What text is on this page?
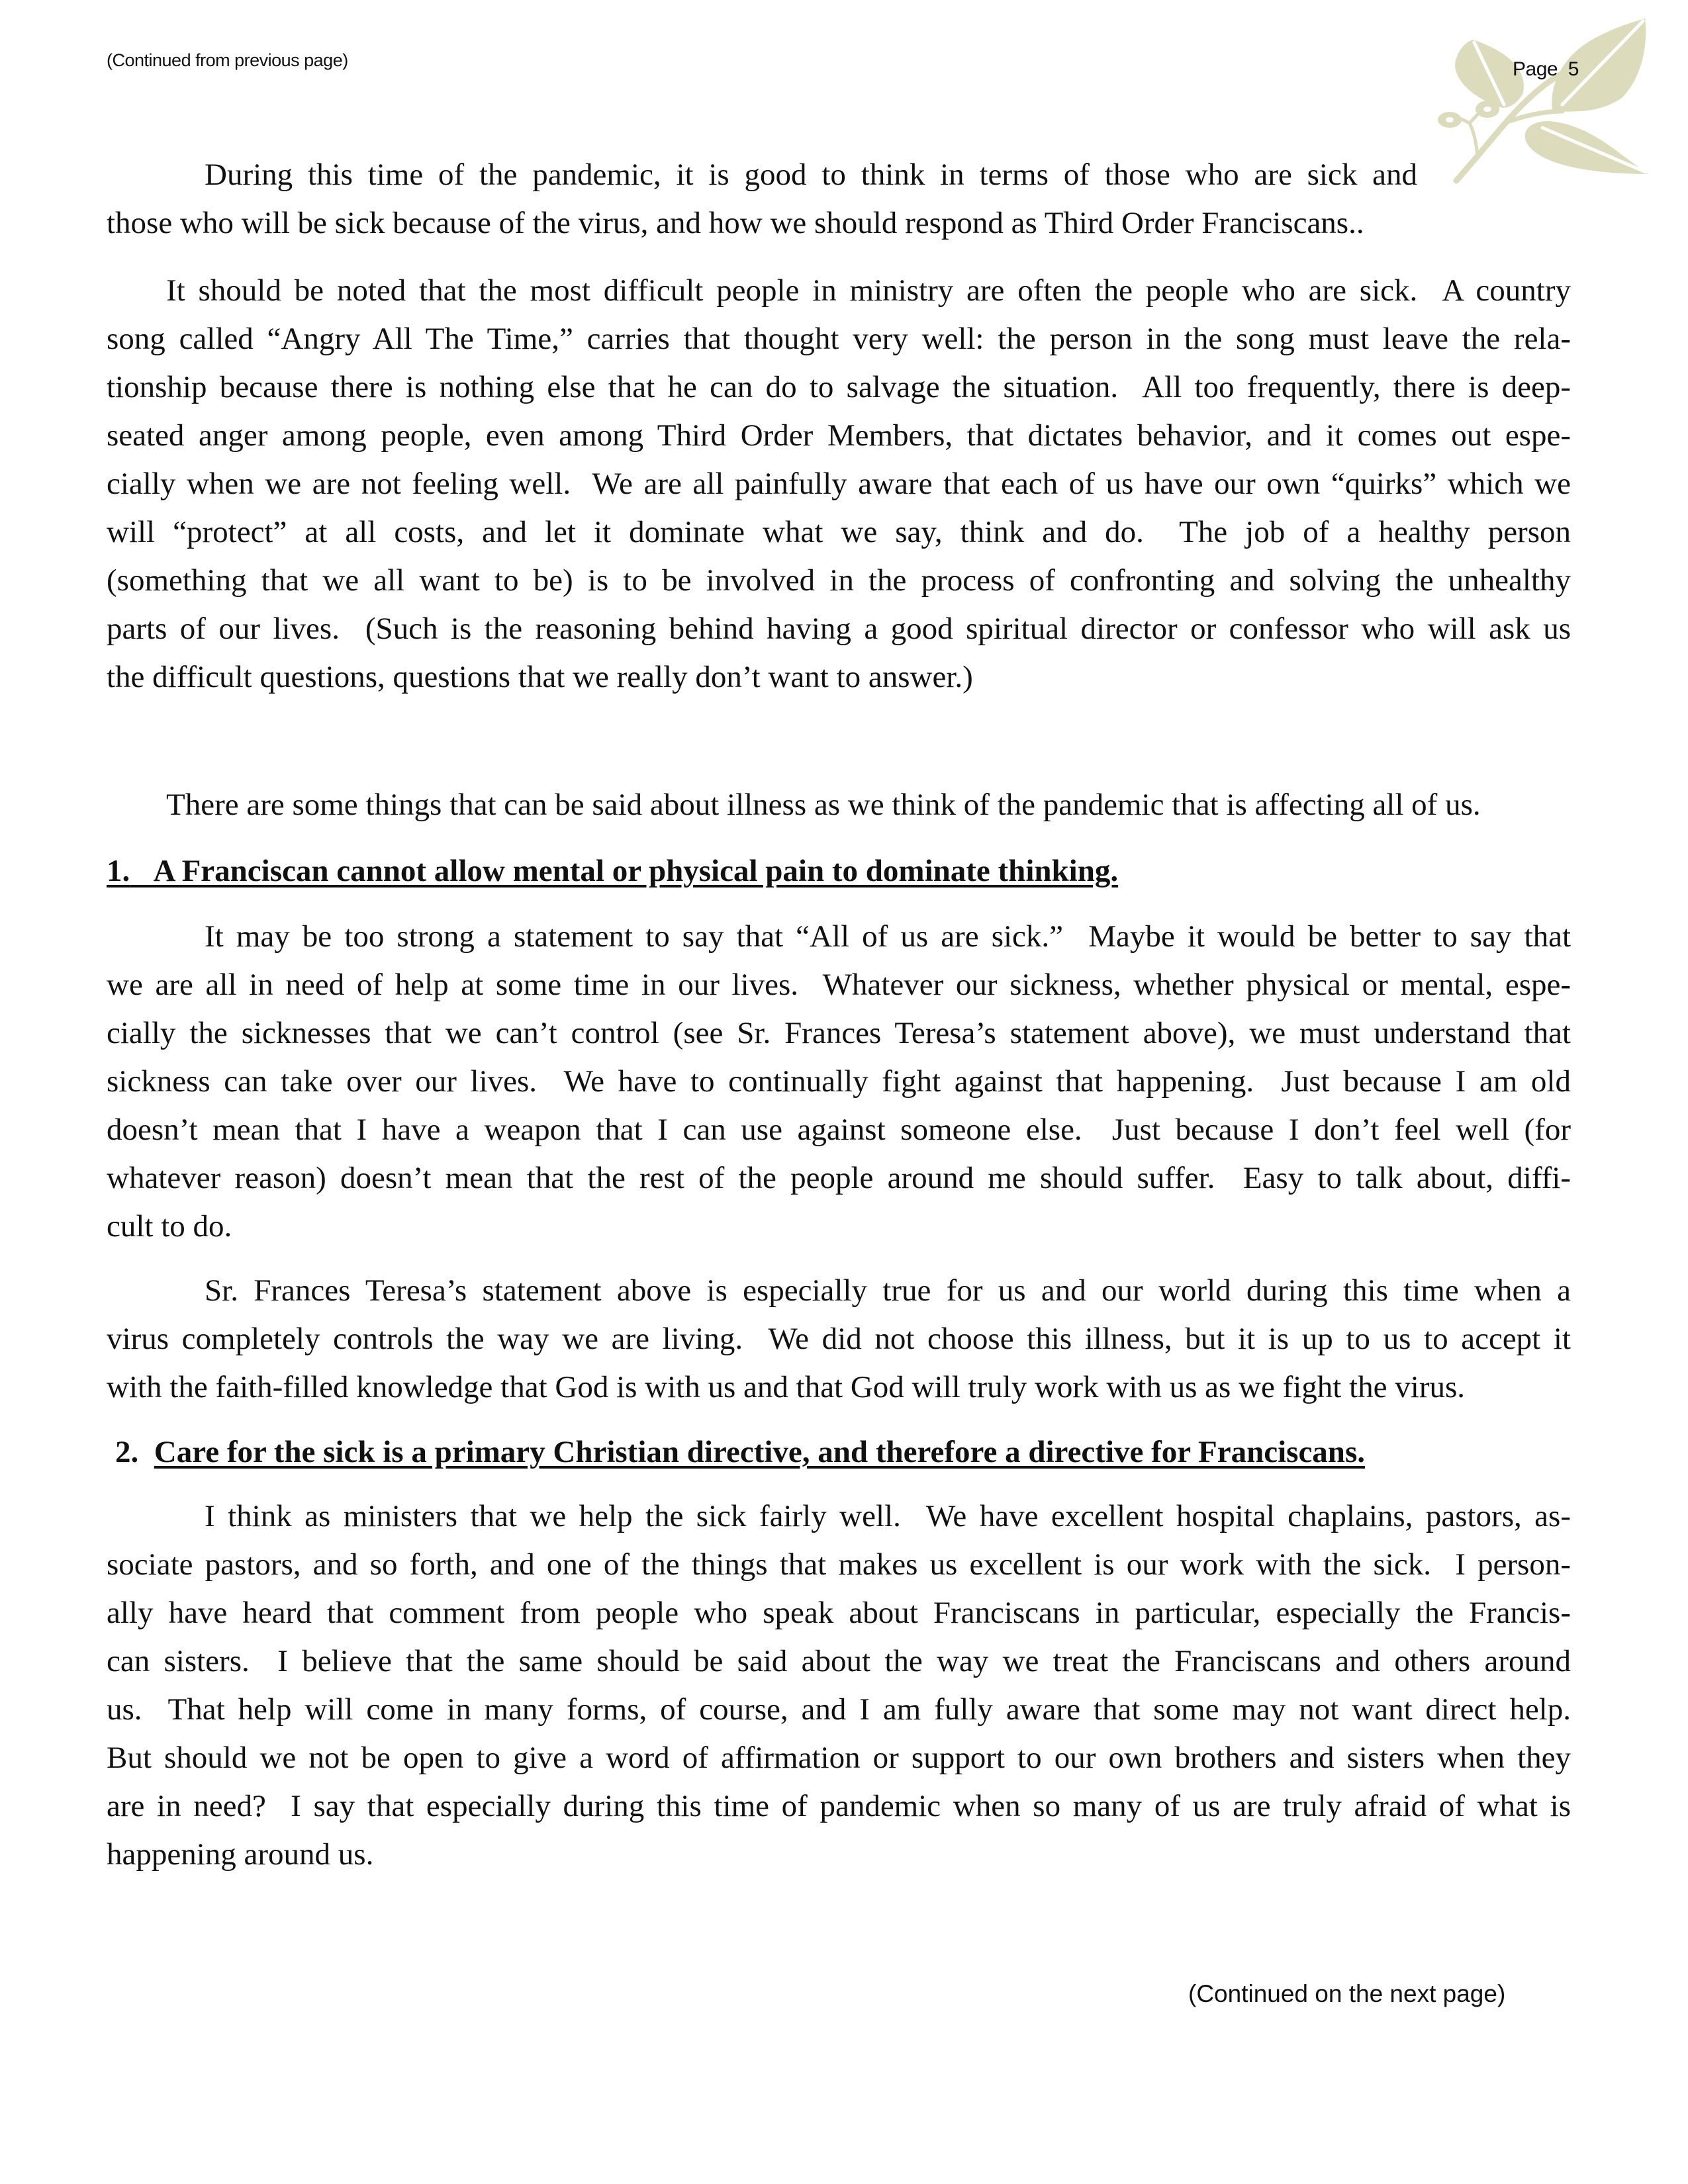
(Continued from previous page)	Page 5
During this time of the pandemic, it is good to think in terms of those who are sick and
those who will be sick because of the virus, and how we should respond as Third Order Franciscans..
It should be noted that the most difficult people in ministry are often the people who are sick.  A country
song called “Angry All The Time,” carries that thought very well: the person in the song must leave the rela-
tionship because there is nothing else that he can do to salvage the situation.  All too frequently, there is deep-
seated anger among people, even among Third Order Members, that dictates behavior, and it comes out espe-
cially when we are not feeling well.  We are all painfully aware that each of us have our own “quirks” which we
will “protect” at all costs, and let it dominate what we say, think and do.  The job of a healthy person
(something that we all want to be) is to be involved in the process of confronting and solving the unhealthy
parts of our lives.  (Such is the reasoning behind having a good spiritual director or confessor who will ask us
the difficult questions, questions that we really don’t want to answer.)
There are some things that can be said about illness as we think of the pandemic that is affecting all of us.
1. A Franciscan cannot allow mental or physical pain to dominate thinking.
It may be too strong a statement to say that “All of us are sick.”  Maybe it would be better to say that
we are all in need of help at some time in our lives.  Whatever our sickness, whether physical or mental, espe-
cially the sicknesses that we can’t control (see Sr. Frances Teresa’s statement above), we must understand that
sickness can take over our lives.  We have to continually fight against that happening.  Just because I am old
doesn’t mean that I have a weapon that I can use against someone else.  Just because I don’t feel well (for
whatever reason) doesn’t mean that the rest of the people around me should suffer.  Easy to talk about, diffi-
cult to do.
Sr. Frances Teresa’s statement above is especially true for us and our world during this time when a
virus completely controls the way we are living.  We did not choose this illness, but it is up to us to accept it
with the faith-filled knowledge that God is with us and that God will truly work with us as we fight the virus.
2. Care for the sick is a primary Christian directive, and therefore a directive for Franciscans.
I think as ministers that we help the sick fairly well.  We have excellent hospital chaplains, pastors, as-
sociate pastors, and so forth, and one of the things that makes us excellent is our work with the sick.  I person-
ally have heard that comment from people who speak about Franciscans in particular, especially the Francis-
can sisters.  I believe that the same should be said about the way we treat the Franciscans and others around
us.  That help will come in many forms, of course, and I am fully aware that some may not want direct help.
But should we not be open to give a word of affirmation or support to our own brothers and sisters when they
are in need?  I say that especially during this time of pandemic when so many of us are truly afraid of what is
happening around us.
(Continued on the next page)
